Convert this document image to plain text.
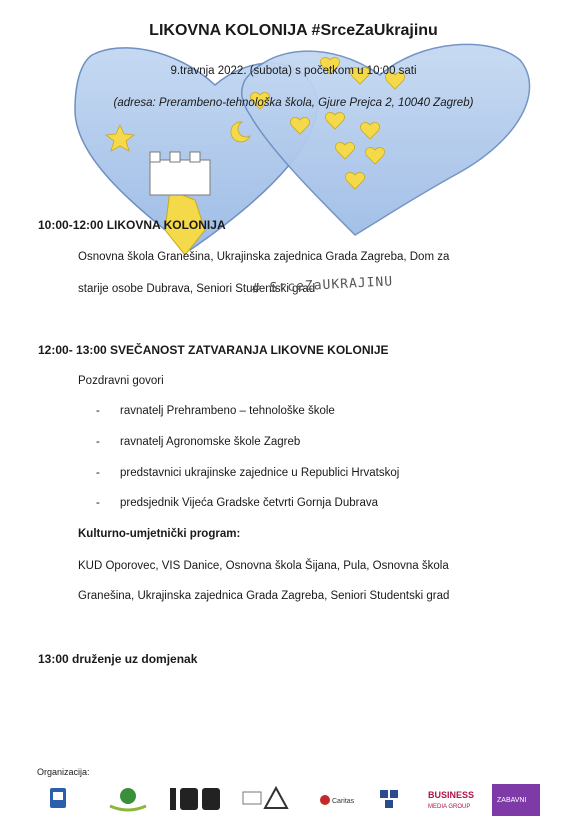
LIKOVNA KOLONIJA #SrceZaUkrajinu
9.travnja 2022. (subota) s početkom u 10:00 sati
(adresa: Prerambeno-tehnološka škola, Gjure Prejca 2, 10040 Zagreb)
10:00-12:00 LIKOVNA KOLONIJA
Osnovna škola Granešina, Ukrajinska zajednica Grada Zagreba, Dom za
starije osobe Dubrava, Seniori Studentski grad
# SrceZaUKRAJINU
12:00- 13:00 SVEČANOST ZATVARANJA LIKOVNE KOLONIJE
Pozdravni govori
- ravnatelj Prehrambeno – tehnološke škole
- ravnatelj Agronomske škole Zagreb
- predstavnici ukrajinske zajednice u Republici Hrvatskoj
- predsjednik Vijeća Gradske četvrti Gornja Dubrava
Kulturno-umjetnički program:
KUD Oporovec, VIS Danice, Osnovna škola Šijana, Pula, Osnovna škola
Granešina, Ukrajinska zajednica Grada Zagreba, Seniori Studentski grad
13:00 druženje uz domjenak
Organizacija:
Caritas
BUSINESS
MEDIA GROUP
ZABAVNI
